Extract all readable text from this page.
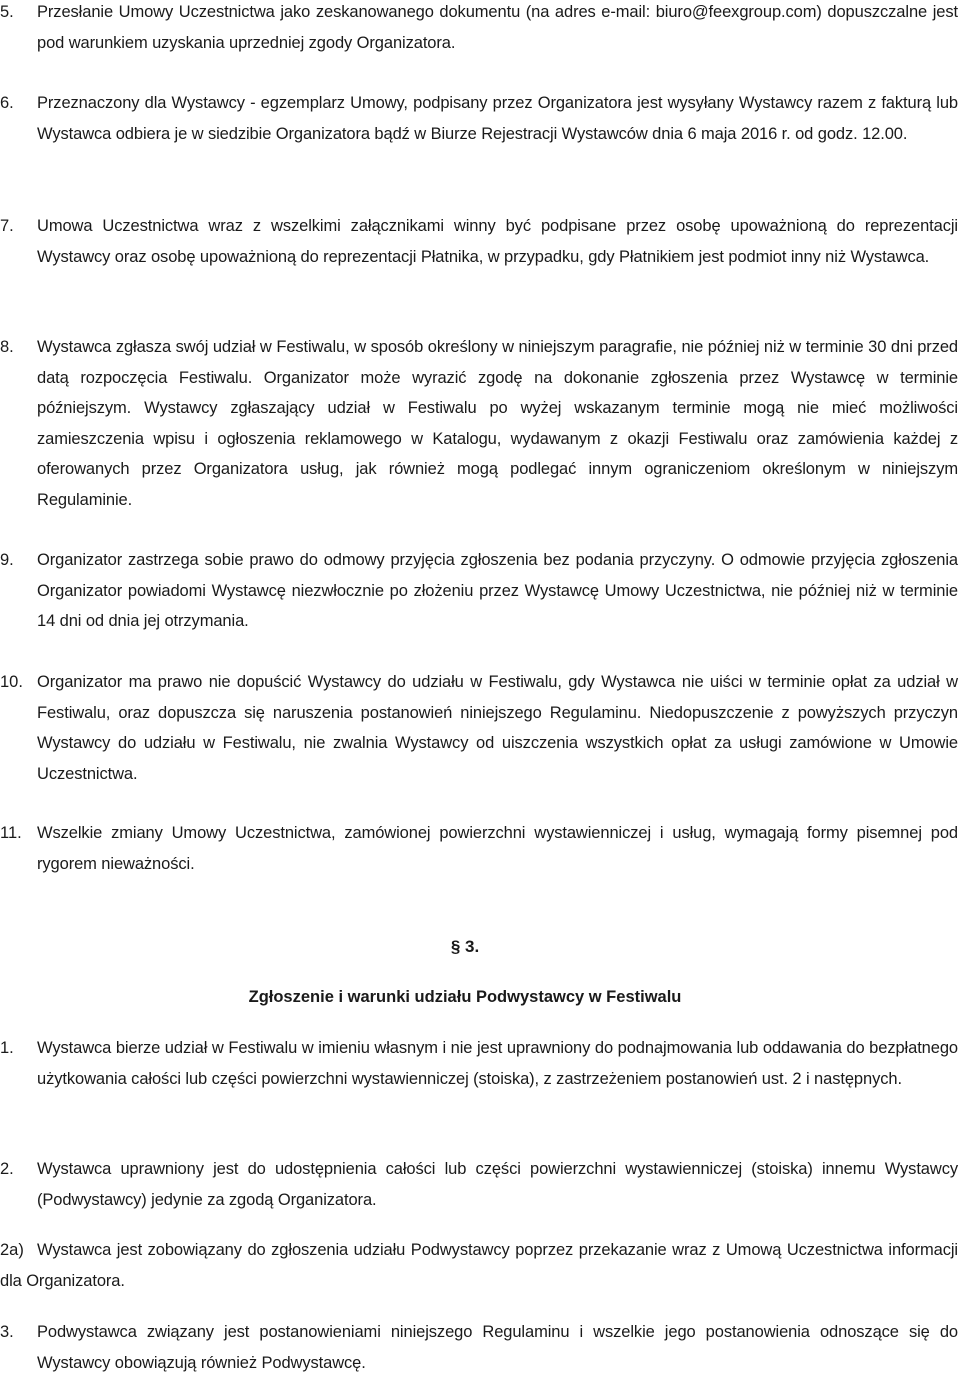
5. Przesłanie Umowy Uczestnictwa jako zeskanowanego dokumentu (na adres e-mail: biuro@feexgroup.com) dopuszczalne jest pod warunkiem uzyskania uprzedniej zgody Organizatora.
6. Przeznaczony dla Wystawcy - egzemplarz Umowy, podpisany przez Organizatora jest wysyłany Wystawcy razem z fakturą lub Wystawca odbiera je w siedzibie Organizatora bądź w Biurze Rejestracji Wystawców dnia 6 maja 2016 r. od godz. 12.00.
7. Umowa Uczestnictwa wraz z wszelkimi załącznikami winny być podpisane przez osobę upoważnioną do reprezentacji Wystawcy oraz osobę upoważnioną do reprezentacji Płatnika, w przypadku, gdy Płatnikiem jest podmiot inny niż Wystawca.
8. Wystawca zgłasza swój udział w Festiwalu, w sposób określony w niniejszym paragrafie, nie później niż w terminie 30 dni przed datą rozpoczęcia Festiwalu. Organizator może wyrazić zgodę na dokonanie zgłoszenia przez Wystawcę w terminie późniejszym. Wystawcy zgłaszający udział w Festiwalu po wyżej wskazanym terminie mogą nie mieć możliwości zamieszczenia wpisu i ogłoszenia reklamowego w Katalogu, wydawanym z okazji Festiwalu oraz zamówienia każdej z oferowanych przez Organizatora usług, jak również mogą podlegać innym ograniczeniom określonym w niniejszym Regulaminie.
9. Organizator zastrzega sobie prawo do odmowy przyjęcia zgłoszenia bez podania przyczyny. O odmowie przyjęcia zgłoszenia Organizator powiadomi Wystawcę niezwłocznie po złożeniu przez Wystawcę Umowy Uczestnictwa, nie później niż w terminie 14 dni od dnia jej otrzymania.
10. Organizator ma prawo nie dopuścić Wystawcy do udziału w Festiwalu, gdy Wystawca nie uiści w terminie opłat za udział w Festiwalu, oraz dopuszcza się naruszenia postanowień niniejszego Regulaminu. Niedopuszczenie z powyższych przyczyn Wystawcy do udziału w Festiwalu, nie zwalnia Wystawcy od uiszczenia wszystkich opłat za usługi zamówione w Umowie Uczestnictwa.
11. Wszelkie zmiany Umowy Uczestnictwa, zamówionej powierzchni wystawienniczej i usług, wymagają formy pisemnej pod rygorem nieważności.
§ 3.
Zgłoszenie i warunki udziału Podwystawcy w Festiwalu
1. Wystawca bierze udział w Festiwalu w imieniu własnym i nie jest uprawniony do podnajmowania lub oddawania do bezpłatnego użytkowania całości lub części powierzchni wystawienniczej (stoiska), z zastrzeżeniem postanowień ust. 2 i następnych.
2. Wystawca uprawniony jest do udostępnienia całości lub części powierzchni wystawienniczej (stoiska) innemu Wystawcy (Podwystawcy) jedynie za zgodą Organizatora.
2a) Wystawca jest zobowiązany do zgłoszenia udziału Podwystawcy poprzez przekazanie wraz z Umową Uczestnictwa informacji dla Organizatora.
3. Podwystawca związany jest postanowieniami niniejszego Regulaminu i wszelkie jego postanowienia odnoszące się do Wystawcy obowiązują również Podwystawcę.
